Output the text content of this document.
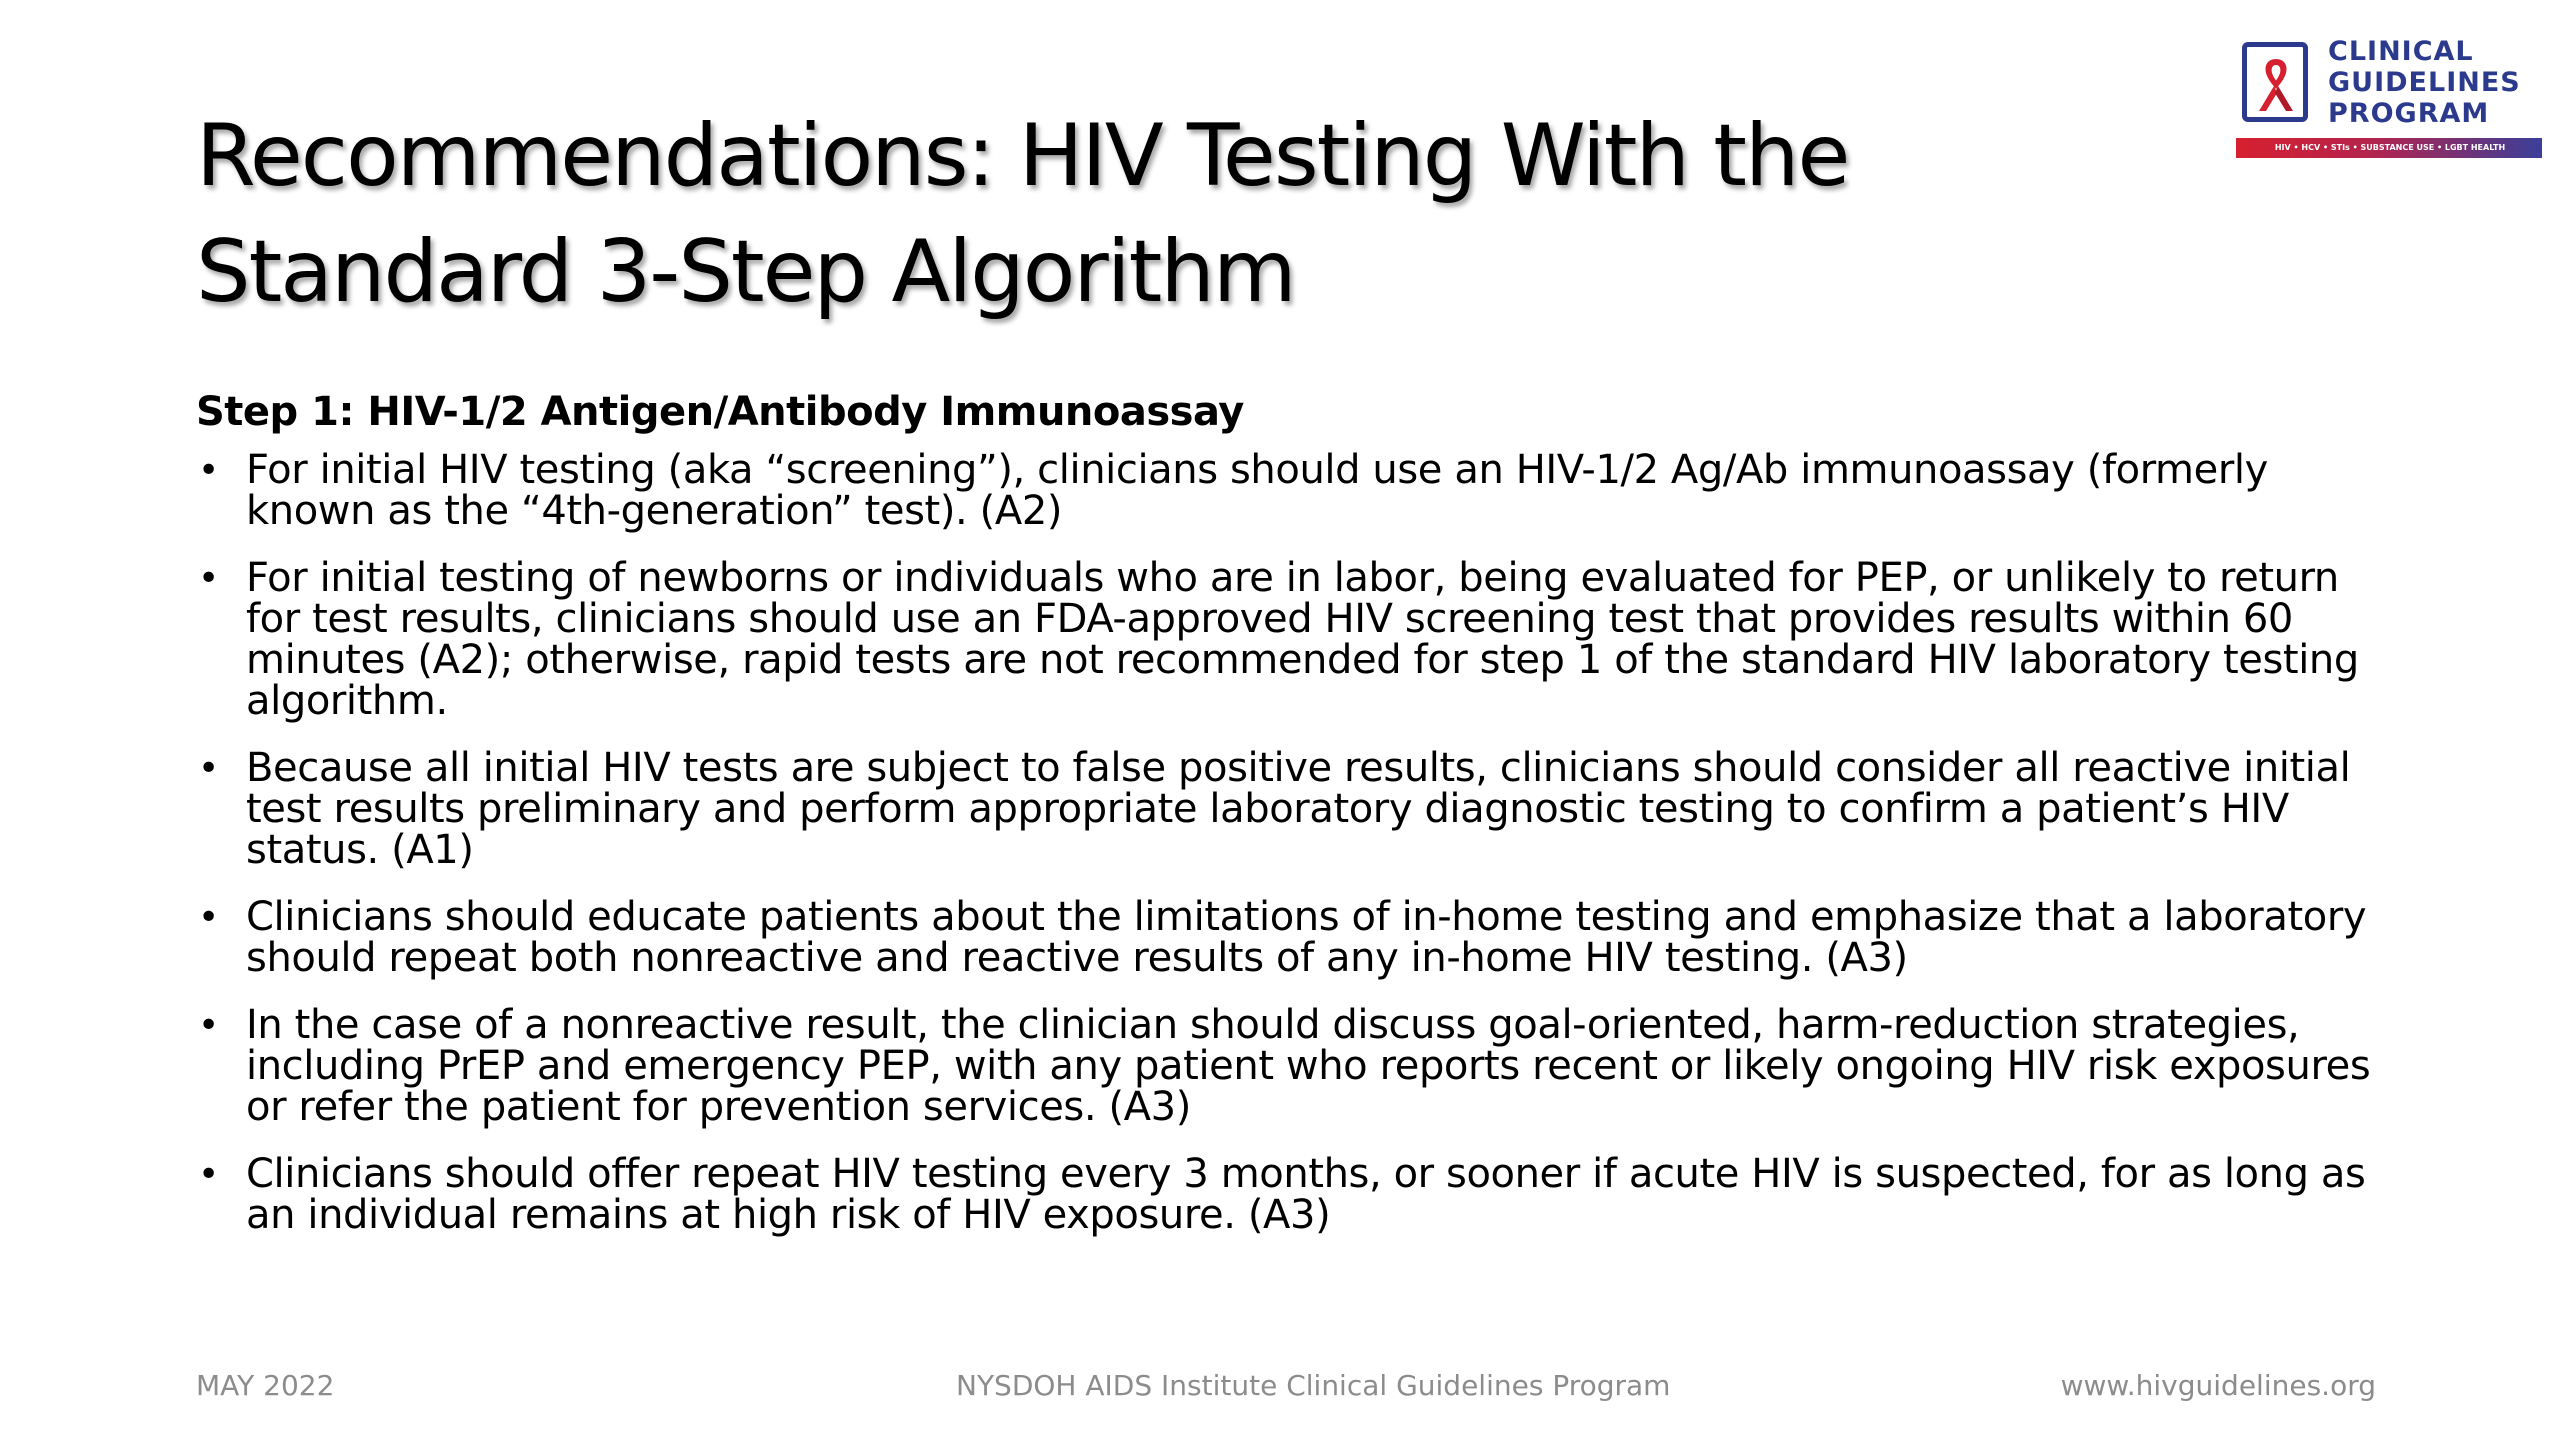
Recommendations: HIV Testing With the
Standard 3-Step Algorithm
CLINICAL
GUIDELINES
PROGRAM
HIV • HCV • STIs • SUBSTANCE USE • LGBT HEALTH
Step 1: HIV-1/2 Antigen/Antibody Immunoassay
• For initial HIV testing (aka “screening”), clinicians should use an HIV-1/2 Ag/Ab immunoassay (formerly known as the “4th-generation” test). (A2)
• For initial testing of newborns or individuals who are in labor, being evaluated for PEP, or unlikely to return for test results, clinicians should use an FDA-approved HIV screening test that provides results within 60 minutes (A2); otherwise, rapid tests are not recommended for step 1 of the standard HIV laboratory testing algorithm.
• Because all initial HIV tests are subject to false positive results, clinicians should consider all reactive initial test results preliminary and perform appropriate laboratory diagnostic testing to confirm a patient’s HIV status. (A1)
• Clinicians should educate patients about the limitations of in-home testing and emphasize that a laboratory should repeat both nonreactive and reactive results of any in-home HIV testing. (A3)
• In the case of a nonreactive result, the clinician should discuss goal-oriented, harm-reduction strategies, including PrEP and emergency PEP, with any patient who reports recent or likely ongoing HIV risk exposures or refer the patient for prevention services. (A3)
• Clinicians should offer repeat HIV testing every 3 months, or sooner if acute HIV is suspected, for as long as an individual remains at high risk of HIV exposure. (A3)
MAY 2022	NYSDOH AIDS Institute Clinical Guidelines Program	www.hivguidelines.org
